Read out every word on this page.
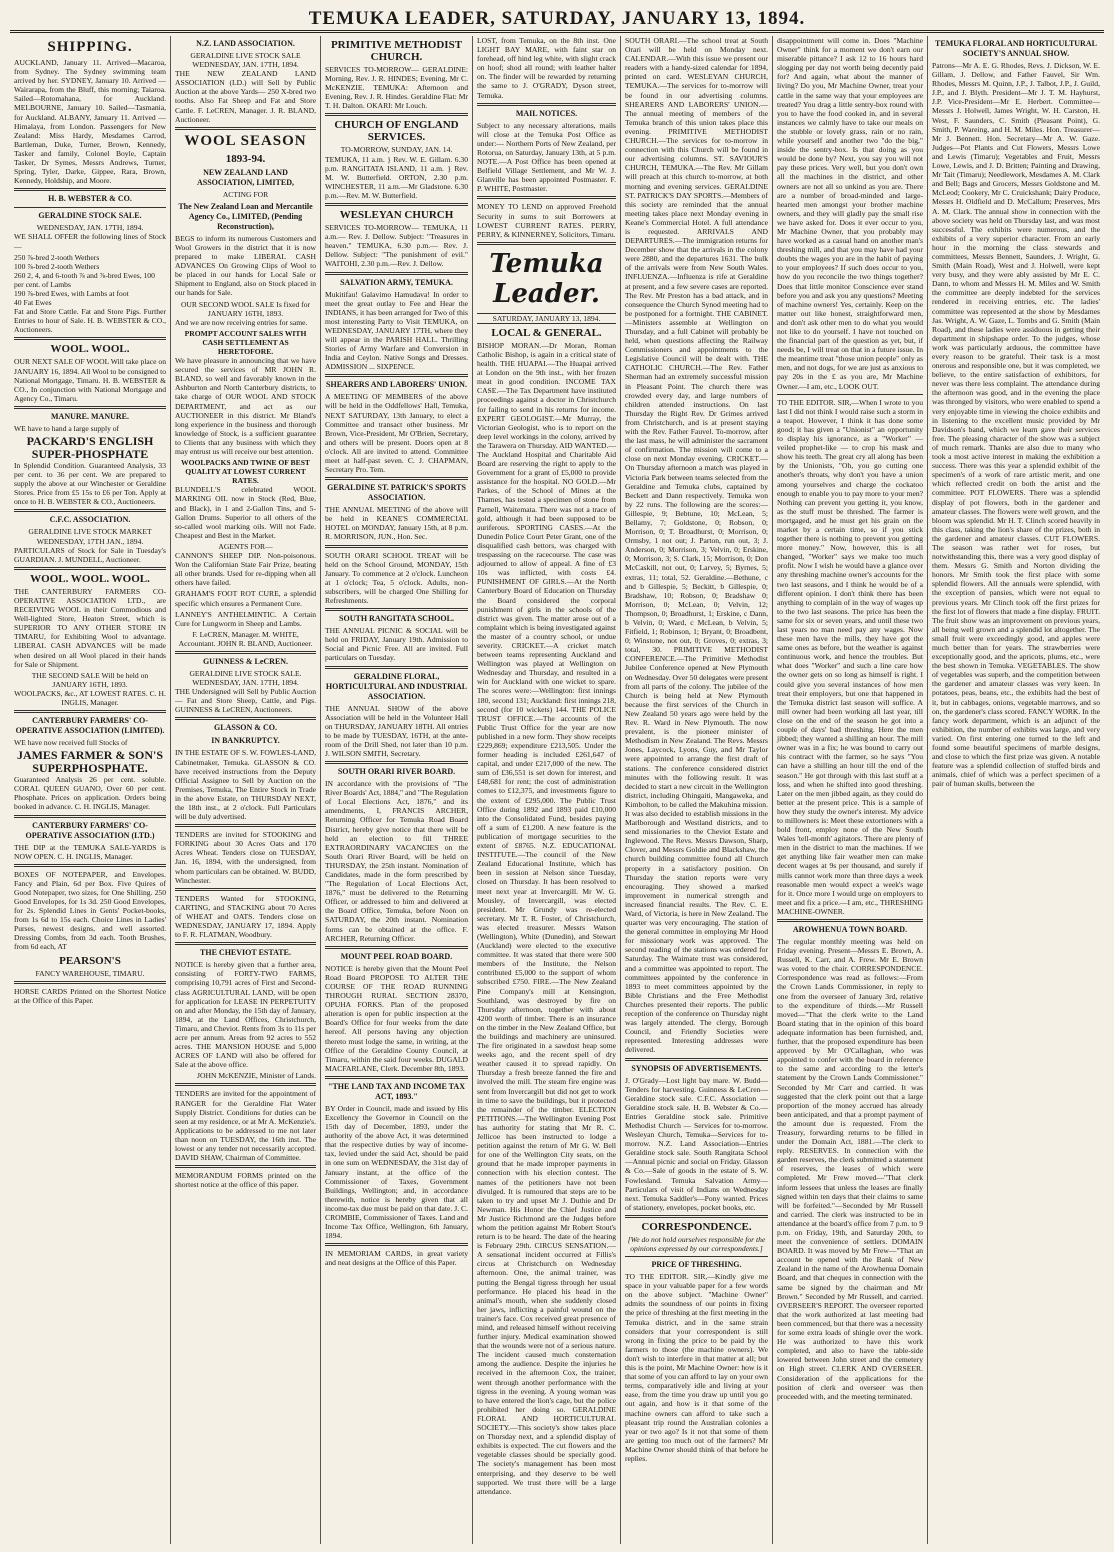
TEMUKA LEADER, SATURDAY, JANUARY 13, 1894.
SHIPPING.

AUCKLAND, January 11. Arrived—Macaroa, from Sydney. The Sydney swimming team arrived by her. SYDNEY, January 10. Arrived — Wairarapa, from the Bluff, this morning; Taiaroa. Sailed—Rotomahana, for Auckland. MELBOURNE, January 10. Sailed—Tasmania, for Auckland. ALBANY, January 11. Arrived — Himalaya, from London. Passengers for New Zealand: Miss Hardy, Mesdames Carrod, Bartleman, Duke, Turner, Brown, Kennedy, Tasker and family, Colonel Boyle, Captain Tasker, Dr Symes, Messrs Andrews, Turner, Spring, Tyler, Darke, Gippee, Rara, Brown, Kennedy, Holdship, and Moore.

H. B. WEBSTER & CO.
GERALDINE STOCK SALE.
WEDNESDAY, JAN. 17TH, 1894.

WE SHALL OFFER the following lines of Stock—

250 ⅞-bred 2-tooth Wethers
100 ⅞-bred 2-tooth Wethers
260 2, 4, and 6-tooth ⅞ and ⅞-bred Ewes, 100 per cent. of Lambs
190 ⅞-bred Ewes, with Lambs at foot
40 Fat Ewes

Fat and Store Cattle. Fat and Store Pigs. Further Entries to hour of Sale. H. B. WEBSTER & CO., Auctioneers.

WOOL. WOOL.

OUR NEXT SALE OF WOOL Will take place on JANUARY 16, 1894. All Wool to be consigned to National Mortgage, Timaru. H. B. WEBSTER & CO., In conjunction with National Mortgage and Agency Co., Timaru.

MANURE. MANURE.

WE have to hand a large supply of

PACKARD'S ENGLISH SUPER-PHOSPHATE

In Splendid Condition. Guaranteed Analysis, 33 per cent. to 36 per cent. We are prepared to supply the above at our Winchester or Geraldine Stores. Price from £5 15s to £6 per Ton. Apply at once to H. B. WEBSTER & CO., Auctioneers.

C.F.C. ASSOCIATION.
GERALDINE LIVE STOCK MARKET
WEDNESDAY, 17TH JAN., 1894.

PARTICULARS of Stock for Sale in Tuesday's GUARDIAN. J. MUNDELL, Auctioneer.

WOOL. WOOL. WOOL.

THE CANTERBURY FARMERS CO-OPERATIVE ASSOCIATION LTD., are RECEIVING WOOL in their Commodious and Well-lighted Store, Heaton Street, which is SUPERIOR TO ANY OTHER STORE IN TIMARU, for Exhibiting Wool to advantage. LIBERAL CASH ADVANCES will be made when desired on all Wool placed in their hands for Sale or Shipment.

THE SECOND SALE Will be held on JANUARY 16TH, 1893.
WOOLPACKS, &c., AT LOWEST RATES. C. H. INGLIS, Manager.
CANTERBURY FARMERS' CO-OPERATIVE ASSOCIATION (LIMITED).

WE have now received full Stocks of

JAMES FARMER & SON'S SUPERPHOSPHATE.

Guaranteed Analysis 26 per cent. soluble. CORAL QUEEN GUANO, Over 60 per cent. Phosphate. Prices on application. Orders being booked in advance. C. H. INGLIS, Manager.

CANTERBURY FARMERS' CO-OPERATIVE ASSOCIATION (LTD.)

THE DIP at the TEMUKA SALE-YARDS is NOW OPEN. C. H. INGLIS, Manager.

BOXES OF NOTEPAPER, and Envelopes. Fancy and Plain, 6d per Box. Five Quires of Good Notepaper, two sizes, for One Shilling. 250 Good Envelopes, for 1s 3d. 250 Good Envelopes, for 2s. Splendid Lines in Gents' Pocket-books, from 1s 6d to 15s each. Choice Lines in Ladies' Purses, newest designs, and well assorted. Dressing Combs, from 3d each. Tooth Brushes, from 6d each, AT

PEARSON'S
FANCY WAREHOUSE, TIMARU.

HORSE CARDS Printed on the Shortest Notice at the Office of this Paper.

N.Z. LAND ASSOCIATION.
GERALDINE LIVE STOCK SALE
WEDNESDAY, JAN. 17TH, 1894.

THE NEW ZEALAND LAND ASSOCIATION (LD.) will Sell by Public Auction at the above Yards— 250 X-bred two tooths. Also Fat Sheep and Fat and Store Cattle. F. LeCREN, Manager. J. R. BLAND, Auctioneer.

WOOL SEASON
1893-94.
NEW ZEALAND LAND ASSOCIATION, LIMITED,
ACTING FOR
The New Zealand Loan and Mercantile Agency Co., LIMITED, (Pending Reconstruction),

BEGS to inform its numerous Customers and Wool Growers in the district that it is now prepared to make LIBERAL CASH ADVANCES On Growing Clips of Wool to be placed in our hands for Local Sale or Shipment to England, also on Stock placed in our hands for Sale.

OUR SECOND WOOL SALE Is fixed for JANUARY 16TH, 1893.

And we are now receiving entries for same.

PROMPT ACCOUNT SALES WITH CASH SETTLEMENT AS HERETOFORE.

We have pleasure in announcing that we have secured the services of MR JOHN R. BLAND, so well and favorably known in the Ashburton and North Canterbury districts, to take charge of OUR WOOL AND STOCK DEPARTMENT, and act as our AUCTIONEER in this district. Mr Bland's long experience in the business and thorough knowledge of Stock, is a sufficient guarantee to Clients that any business with which they may entrust us will receive our best attention.

WOOLPACKS AND TWINE OF BEST QUALITY AT LOWEST CURRENT RATES.

BLUNDELL'S celebrated WOOL MARKING OIL now in Stock (Red, Blue, and Black), in 1 and 2-Gallon Tins, and 5-Gallon Drums. Superior to all others of the so-called wool marking oils. Will not Fade. Cheapest and Best in the Market.

AGENTS FOR—

CANNON'S SHEEP DIP. Non-poisonous. Won the Californian State Fair Prize, beating all other brands. Used for re-dipping when all others have failed.

GRAHAM'S FOOT ROT CURE, a splendid specific which ensures a Permanent Cure.

LANNEY'S ANTHELMINTIC. A Certain Cure for Lungworm in Sheep and Lambs.

F. LeCREN, Manager. M. WHITE, Accountant. JOHN R. BLAND, Auctioneer.

GUINNESS & LeCREN.
GERALDINE LIVE STOCK SALE.
WEDNESDAY, JAN. 17TH, 1894.

THE Undersigned will Sell by Public Auction— Fat and Store Sheep, Cattle, and Pigs. GUINNESS & LeCREN, Auctioneers.

GLASSON & CO.
IN BANKRUPTCY.

IN THE ESTATE OF S. W. FOWLES-LAND, Cabinetmaker, Temuka. GLASSON & CO. have received instructions from the Deputy Official Assignee to Sell by Auction on the Premises, Temuka, The Entire Stock in Trade in the above Estate, on THURSDAY NEXT, the 18th inst., at 2 o'clock. Full Particulars will be duly advertised.

TENDERS are invited for STOOKING and FORKING about 30 Acres Oats and 170 Acres Wheat. Tenders close on TUESDAY, Jan. 16, 1894, with the undersigned, from whom particulars can be obtained. W. BUDD, Winchester.

TENDERS Wanted for STOOKING, CARTING, and STACKING about 70 Acres of WHEAT and OATS. Tenders close on WEDNESDAY, JANUARY 17, 1894. Apply to F. R. FLATMAN, Woodbury.

THE CHEVIOT ESTATE.

NOTICE is hereby given that a further area, consisting of FORTY-TWO FARMS, comprising 10,791 acres of First and Second-class AGRICULTURAL LAND, will be open for application for LEASE IN PERPETUITY on and after Monday, the 15th day of January, 1894, at the Land Offices, Christchurch, Timaru, and Cheviot. Rents from 3s to 11s per acre per annum. Areas from 92 acres to 552 acres. THE MANSION HOUSE and 5,000 ACRES OF LAND will also be offered for Sale at the above office.

JOHN McKENZIE, Minister of Lands.

TENDERS are invited for the appointment of RANGER for the Geraldine Flat Water Supply District. Conditions for duties can be seen at my residence, or at Mr A. McKenzie's. Applications to be addressed to me not later than noon on TUESDAY, the 16th inst. The lowest or any tender not necessarily accepted. DAVID SHAW, Chairman of Committee.

MEMORANDUM FORMS printed on the shortest notice at the office of this paper.

PRIMITIVE METHODIST CHURCH.

SERVICES TO-MORROW— GERALDINE: Morning, Rev. J. R. HINDES; Evening, Mr C. McKENZIE. TEMUKA: Afternoon and Evening, Rev. J. R. Hindes. Geraldine Flat: Mr T. H. Dalton. OKARI: Mr Louch.

CHURCH OF ENGLAND SERVICES.
TO-MORROW, SUNDAY, JAN. 14.

TEMUKA, 11 a.m. } Rev. W. E. Gillam. 6.30 p.m. RANGITATA ISLAND, 11 a.m. } Rev. M. W. Butterfield. ORTON, 2.30 p.m. WINCHESTER, 11 a.m.—Mr Gladstone. 6.30 p.m.—Rev. M. W. Butterfield.

WESLEYAN CHURCH

SERVICES TO-MORROW— TEMUKA, 11 a.m.— Rev. J. Dellow. Subject: "Treasures in heaven." TEMUKA, 6.30 p.m.— Rev. J. Dellow. Subject: "The punishment of evil." WAITOHI, 2.30 p.m.—Rev. J. Dellow.

SALVATION ARMY, TEMUKA.

Mukitifau! Galavimo Hamudava! In order to meet the great outlay to Fee and Hear the INDIANS, it has been arranged for Two of this most interesting Party to Visit TEMUKA, on WEDNESDAY, JANUARY 17TH, where they will appear in the PARISH HALL. Thrilling Stories of Army Warfare and Conversion in India and Ceylon. Native Songs and Dresses. ADMISSION ... SIXPENCE.

SHEARERS AND LABORERS' UNION.

A MEETING OF MEMBERS of the above will be held in the Oddfellows' Hall, Temuka, NEXT SATURDAY, 13th January, to elect a Committee and transact other business. Mr Brown, Vice-President, Mr O'Brien, Secretary, and others will be present. Doors open at 8 o'clock. All are invited to attend. Committee meet at half-past seven. C. J. CHAPMAN, Secretary Pro. Tem.

GERALDINE ST. PATRICK'S SPORTS ASSOCIATION.

THE ANNUAL MEETING of the above will be held in KEANE'S COMMERCIAL HOTEL on MONDAY, January 15th, at 8 p.m. R. MORRISON, JUN., Hon. Sec.

SOUTH ORARI SCHOOL TREAT will be held on the School Ground, MONDAY, 15th January. To commence at 2 o'clock. Luncheon at 1 o'clock; Tea, 5 o'clock. Adults, non-subscribers, will be charged One Shilling for Refreshments.

SOUTH RANGITATA SCHOOL.

THE ANNUAL PICNIC & SOCIAL will be held on FRIDAY, January 19th. Admission to Social and Picnic Free. All are invited. Full particulars on Tuesday.

GERALDINE FLORAL, HORTICULTURAL AND INDUSTRIAL ASSOCIATION.

THE ANNUAL SHOW of the above Association will be held in the Volunteer Hall on THURSDAY, JANUARY 18TH. All entries to be made by TUESDAY, 16TH, at the ante-room of the Drill Shed, not later than 10 p.m. J. WILSON SMITH, Secretary.

SOUTH ORARI RIVER BOARD.

IN accordance with the provisions of "The River Boards' Act, 1884," and "The Regulation of Local Elections Act, 1876," and its amendments, I, FRANCIS ARCHER, Returning Officer for Temuka Road Board District, hereby give notice that there will be held an election to fill THREE EXTRAORDINARY VACANCIES on the South Orari River Board, will be held on THURSDAY, the 25th instant. Nomination of Candidates, made in the form prescribed by "The Regulation of Local Elections Act, 1876," must be delivered to the Returning Officer, or addressed to him and delivered at the Board Office, Temuka, before Noon on SATURDAY, the 20th instant. Nomination forms can be obtained at the office. F. ARCHER, Returning Officer.

MOUNT PEEL ROAD BOARD.

NOTICE is hereby given that the Mount Peel Road Board PROPOSE TO ALTER THE COURSE OF THE ROAD RUNNING THROUGH RURAL SECTION 28370, OPUHA FORKS. Plan of the proposed alteration is open for public inspection at the Board's Office for four weeks from the date hereof. All persons having any objection thereto must lodge the same, in writing, at the Office of the Geraldine County Council, at Timaru, within the said four weeks. DUGALD MACFARLANE, Clerk. December 8th, 1893.

"THE LAND TAX AND INCOME TAX ACT, 1893."

BY Order in Council, made and issued by His Excellency the Governor in Council on the 15th day of December, 1893, under the authority of the above Act, it was determined that the respective duties by way of income-tax, levied under the said Act, should be paid in one sum on WEDNESDAY, the 31st day of January instant, at the office of the Commissioner of Taxes, Government Buildings, Wellington; and, in accordance therewith, notice is hereby given that all income-tax due must be paid on that date. J. C. CROMBIE, Commissioner of Taxes. Land and Income Tax Office, Wellington, 6th January, 1894.

IN MEMORIAM CARDS, in great variety and neat designs at the Office of this Paper.

LOST, from Temuka, on the 8th inst. One LIGHT BAY MARE, with faint star on forehead, off hind leg white, with slight crack on hoof; shod all round; with leather halter on. The finder will be rewarded by returning the same to J. O'GRADY, Dyson street, Temuka.

MAIL NOTICES.

Subject to any necessary alterations, mails will close at the Temuka Post Office as under:— Northern Ports of New Zealand, per Rotorua, on Saturday, January 13th, at 5 p.m. NOTE.—A Post Office has been opened at Belfield Village Settlement, and Mr W. J. Glanville has been appointed Postmaster. F. P. WHITE, Postmaster.

MONEY TO LEND on approved Freehold Security in sums to suit Borrowers at LOWEST CURRENT RATES. PERRY, PERRY, & KINNERNEY, Solicitors, Timaru.

Temuka Leader.
SATURDAY, JANUARY 13, 1894.
LOCAL & GENERAL.

BISHOP MORAN.—Dr Moran, Roman Catholic Bishop, is again in a critical state of health. THE HUAPAI.—The Huapai arrived at London on the 9th inst., with her frozen meat in good condition. INCOME TAX CASE.—The Tax Department have instituted proceedings against a doctor in Christchurch for failing to send in his returns for income. EXPERT GEOLOGIST.—Mr Murray, the Victorian Geologist, who is to report on the deep level workings in the colony, arrived by the Tarawera on Thursday. AID WANTED.—The Auckland Hospital and Charitable Aid Board are reserving the right to apply to the Government for a grant of £5,000 to provide assistance for the hospital. NO GOLD.—Mr Parkes, of the School of Mines at the Thames, has tested a specimen of stone from Parnell, Waitemata. There was not a trace of gold, although it had been supposed to be auriferous. SPORTING CASES.—At the Dunedin Police Court Peter Grant, one of the disqualified cash bettors, was charged with trespassing on the racecourse. The case was adjourned to allow of appeal. A fine of £3 10s was inflicted, with costs £4. PUNISHMENT OF GIRLS.—At the North Canterbury Board of Education on Thursday the Board considered the corporal punishment of girls in the schools of the district was given. The matter arose out of a complaint which is being investigated against the master of a country school, or undue severity. CRICKET.—A cricket match between teams representing Auckland and Wellington was played at Wellington on Wednesday and Thursday, and resulted in a win for Auckland with one wicket to spare. The scores were:—Wellington: first innings 180, second 131; Auckland: first innings 218, second (for 10 wickets) 144. THE POLICE TRUST OFFICE.—The accounts of the Public Trust Office for the year are now published in a new form. They show receipts £229,869; expenditure £213,505. Under the former heading is included £261,647 of capital, and under £217,000 of the new. The sum of £36,551 is set down for interest, and £48,681 for rent; the cost of administration comes to £12,375, and investments figure to the extent of £295,000. The Public Trust Office during 1892 and 1893 paid £10,000 into the Consolidated Fund, besides paying off a sum of £1,200. A new feature is the publication of mortgage securities to the extent of £8765. N.Z. EDUCATIONAL INSTITUTE.—The council of the New Zealand Educational Institute, which has been in session at Nelson since Tuesday, closed on Thursday. It has been resolved to meet next year at Invercargill. Mr W. G. Mousley, of Invercargill, was elected president. Mr Grundy was re-elected secretary. Mr T. R. Foster, of Christchurch, was elected treasurer. Messrs Watson (Wellington), White (Dunedin), and Stewart (Auckland) were elected to the executive committee. It was stated that there were 500 members of the Institute, the Nelson contributed £5,000 to the support of whom subscribed £750. FIRE.—The New Zealand Pine Company's mill at Kensington, Southland, was destroyed by fire on Thursday afternoon, together with about 4200 worth of timber. There is an insurance on the timber in the New Zealand Office, but the buildings and machinery are uninsured. The fire originated in a sawdust heap some weeks ago, and the recent spell of dry weather caused it to spread rapidly. On Thursday a fresh breeze fanned the fire and involved the mill. The steam fire engine was sent from Invercargill but did not get to work in time to save the buildings, but it protected the remainder of the timber. ELECTION PETITIONS.—The Wellington Evening Post has authority for stating that Mr R. C. Jellicoe has been instructed to lodge a petition against the return of Mr G. W. Bell for one of the Wellington City seats, on the ground that he made improper payments in connection with his election contest. The names of the petitioners have not been divulged. It is rumoured that steps are to be taken to try and upset Mr J. Duthie and Dr Newman. His Honor the Chief Justice and Mr Justice Richmond are the Judges before whom the petition against Mr Robert Stout's return is to be heard. The date of the hearing is February 29th. CIRCUS SENSATION.—A sensational incident occurred at Fillis's circus at Christchurch on Wednesday afternoon. One, the animal trainer, was putting the Bengal tigress through her usual performance. He placed his head in the animal's mouth, when she suddenly closed her jaws, inflicting a painful wound on the trainer's face. Cox received great presence of mind, and released himself without receiving further injury. Medical examination showed that the wounds were not of a serious nature. The incident caused much consternation among the audience. Despite the injuries he received in the afternoon Cox, the trainer, went through another performance with the tigress in the evening. A young woman was to have entered the lion's cage, but the police prohibited her doing so. GERALDINE FLORAL AND HORTICULTURAL SOCIETY.—This society's show takes place on Thursday next, and a splendid display of exhibits is expected. The cut flowers and the vegetable classes should be specially good. The society's management has been most enterprising, and they deserve to be well supported. We trust there will be a large attendance.

SOUTH ORARI.—The school treat at South Orari will be held on Monday next. CALENDAR.—With this issue we present our readers with a handy-sized calendar for 1894, printed on card. WESLEYAN CHURCH, TEMUKA.—The services for to-morrow will be found in our advertising columns. SHEARERS AND LABORERS' UNION.—The annual meeting of members of the Temuka branch of this union takes place this evening. PRIMITIVE METHODIST CHURCH.—The services for to-morrow in connection with this Church will be found in our advertising columns. ST. SAVIOUR'S CHURCH, TEMUKA.—The Rev. Mr Gillam will preach at this church to-morrow, at both morning and evening services. GERALDINE ST. PATRICK'S DAY SPORTS.—Members of this society are reminded that the annual meeting takes place next Monday evening in Keane's Commercial Hotel. A full attendance is requested. ARRIVALS AND DEPARTURES.—The immigration returns for December show that the arrivals in the colony were 2880, and the departures 1631. The bulk of the arrivals were from New South Wales. INFLUENZA.—Influenza is rife at Geraldine at present, and a few severe cases are reported. The Rev. Mr Preston has a bad attack, and in consequence the Church Synod meeting had to be postponed for a fortnight. THE CABINET.—Ministers assemble at Wellington on Thursday, and a full Cabinet will probably be held, when questions affecting the Railway Commissioners and appointments to the Legislative Council will be dealt with. THE CATHOLIC CHURCH.—The Rev. Father Sherman had an extremely successful mission in Pleasant Point. The church there was crowded every day, and large numbers of children attended instructions. On last Thursday the Right Rev. Dr Grimes arrived from Christchurch, and is at present staying with the Rev. Father Fauvel. To-morrow, after the last mass, he will administer the sacrament of confirmation. The mission will come to a close on next Monday evening. CRICKET.—On Thursday afternoon a match was played in Victoria Park between teams selected from the Geraldine and Temuka clubs, captained by Beckett and Dann respectively. Temuka won by 22 runs. The following are the scores:—Gillespie, 9; Bebtune, 10; McLean, 5; Bellamy, 7; Goldstone, 0; Robson, 0; Morrison, 0; T. Broadhurst, 0; Morrison, 0; Ormsby, 1 not out; J. Parton, run out, 3; J. Anderson, 0; Morrison, 3; Velvin, 0; Erskine, 0; Morrison, 3; S. Clark, 15; Morrison, 0; Don McCaskill, not out, 0; Larvey, 5; Byrnes, 5; extras, 11; total, 52. Geraldine.—Bethune, c and b Gillespie, 5; Beckitt, b Gillespie, 0; Bradshaw, 10; Robson, 0; Bradshaw 0; Morrison, 0; McLean, 0; Velvin, 12; Thompson, 0; Broadhurst, 1; Erskine, c Dann, b Velvin, 0; Ward, c McLean, b Velvin, 5; Fitfield, 1; Robinson, 1; Bryant, 0; Broadbent, 0; Winstone, not out, 0; Groves, 0; extras, 3; total, 30. PRIMITIVE METHODIST CONFERENCE.—The Primitive Methodist Jubilee Conference opened at New Plymouth on Wednesday. Over 50 delegates were present from all parts of the colony. The jubilee of the Church is being held at New Plymouth because the first services of the Church in New Zealand 50 years ago were held by the Rev. R. Ward in New Plymouth. The now prevalent, is the pioneer minister of Methodism in New Zealand. The Revs. Messrs Jones, Laycock, Lyons, Guy, and Mr Taylor were appointed to arrange the first draft of stations. The conference considered district minutes with the following result. It was decided to start a new circuit in the Wellington district, including Ohingaiti, Mangaweka, and Kimbolton, to be called the Makuhina mission. It was also decided to establish missions in the Marlborough and Westland districts, and to send missionaries to the Cheviot Estate and Inglewood. The Revs. Messrs Dawson, Sharp, Clover, and Messrs Goldie and Blackshaw, the church building committee found all Church property in a satisfactory position. On Thursday the station reports were very encouraging. They showed a marked improvement in numerical strength and increased financial results. The Rev. C. E. Ward, of Victoria, is here in New Zealand. The quarter was very encouraging. The station of the general committee in employing Mr Hood for missionary work was approved. The second reading of the stations was ordered for Saturday. The Waimate trust was considered, and a committee was appointed to report. The committees appointed by the conference in 1893 to meet committees appointed by the Bible Christians and the Free Methodist Churches presented their reports. The public reception of the conference on Thursday night was largely attended. The clergy, Borough Council, and Friendly Societies were represented. Interesting addresses were delivered.

SYNOPSIS OF ADVERTISEMENTS.

J. O'Grady—Lost light bay mare. W. Budd—Tenders for harvesting. Guinness & LeCren—Geraldine stock sale. C.F.C. Association — Geraldine stock sale. H. B. Webster & Co.—Entries Geraldine stock sale. Primitive Methodist Church — Services for to-morrow. Wesleyan Church, Temuka—Services for to-morrow. N.Z. Land Association—Entries Geraldine stock sale. South Rangitata School—Annual picnic and social on Friday. Glasson & Co.—Sale of goods in the estate of S. W. Fowlesland. Temuka Salvation Army—Particulars of visit of Indians on Wednesday next. Temuka Saddler's—Pony wanted. Prices of stationery, envelopes, pocket books, etc.

CORRESPONDENCE.

[We do not hold ourselves responsible for the opinions expressed by our correspondents.]

PRICE OF THRESHING.

TO THE EDITOR. SIR,—Kindly give me space in your valuable paper for a few words on the above subject. "Machine Owner" admits the soundness of our points in fixing the price of threshing at the first meeting in the Temuka district, and in the same strain considers that your correspondent is still wrong in fixing the price to be paid by the farmers to those (the machine owners). We don't wish to interfere in that matter at all; but this is the point, Mr Machine Owner: how is it that some of you can afford to lay on your own terms, comparatively idle and living at your ease, from the time you draw up until you go out again, and how is it that some of the machine owners can afford to take such a pleasant trip round the Australian colonies a year or two ago? Is it not that some of them are getting too much out of the farmers? Mr Machine Owner should think of that before he replies.

disappointment will come in. Does "Machine Owner" think for a moment we don't earn our miserable pittance? I ask 12 to 16 hours hard slogging per day not worth being decently paid for? And again, what about the manner of living? Do you, Mr Machine Owner, treat your cattle in the same way that your employees are treated? You drag a little sentry-box round with you to have the food cooked in, and in several instances we calmly have to take our meals on the stubble or lovely grass, rain or no rain, while yourself and another two "do the big," inside the sentry-box. Is that doing as you would be done by? Next, you say you will not pay these prices. Very well, but you don't own all the machines in the district, and other owners are not all so unkind as you are. There are a number of broad-minded and large-hearted men amongst your brother machine owners, and they will gladly pay the small rise we have asked for. Does it ever occur to you, Mr Machine Owner, that you probably may have worked as a casual hand on another man's threshing mill, and that you may have had your doubts the wages you are in the habit of paying to your employees? If such does occur to you, how do you reconcile the two things together? Does that little monitor Conscience ever stand before you and ask you any questions? Meeting of machine owners! Yes, certainly. Keep on the matter out like honest, straightforward men, and don't ask other men to do what you would not like to do yourself. I have not touched on the financial part of the question as yet, but, if needs be, I will treat on that in a future issue. In the meantime treat "those union people" only as men, and not dogs, for we are just as anxious to pay 20s in the £ as you are, Mr Machine Owner.—I am, etc., LOOK OUT.

TO THE EDITOR. SIR,—When I wrote to you last I did not think I would raise such a storm in a teapot. However, I think it has done some good; it has given a "Unionist" an opportunity to display his ignorance, as a "Worker" — veiled prophet-like — to crop his mask and show his teeth. The great cry all along has been by the Unionists, "Oh, you go cutting one another's throats, why don't you have a union among yourselves and charge the cockatoo enough to enable you to pay more to your men? Nothing can prevent you getting it, you know, as the stuff must be threshed. The farmer is mortgaged, and he must get his grain on the market by a certain time, so if you stick together there is nothing to prevent you getting more money." Now, however, this is all changed, "Worker" says we make too much profit. Now I wish he would have a glance over any threshing machine owner's accounts for the two last seasons, and I think he would be of a different opinion. I don't think there has been anything to complain of in the way of wages up to the two last seasons. The price has been the same for six or seven years, and until these two last years no man need pay any wages. Now these men have the mills, they have got the same ones as before, but the weather is against continuous work, and hence the troubles. But what does "Worker" and such a line care how the owner gets on so long as himself is right. I could give you several instances of how men treat their employers, but one that happened in the Temuka district last season will suffice. A mill owner had been working all last year, till close on the end of the season he got into a couple of days' bad threshing. Here the men jibbed; they wanted a shilling an hour. The mill owner was in a fix; he was bound to carry out his contract with the farmer, so he says "You can have a shilling an hour till the end of the season." He got through with this last stuff at a loss, and when he shifted into good threshing. Later on the men jibbed again, as they could do better at the present price. This is a sample of how they study the owner's interest. My advice to millowners is: Meet these extortioners with a bold front, employ none of the New South Wales 'tell-month' agitators. There are plenty of men in the district to man the machines. If we get anything like fair weather men can make decent wages at 9s per thousand, and surely if mills cannot work more than three days a week reasonable men would expect a week's wage for it. Once more I would urge on employers to meet and fix a price.—I am, etc., THRESHING MACHINE-OWNER.

AROWHENUA TOWN BOARD.

The regular monthly meeting was held on Friday evening. Present—Messrs E. Brown, A. Russell, K. Carr, and A. Frew. Mr E. Brown was voted to the chair. CORRESPONDENCE. Correspondence was read as follows:—From the Crown Lands Commissioner, in reply to one from the overseer of January 3rd, relative to the expenditure of thirds.—Mr Russell moved—"That the clerk write to the Land Board stating that in the opinion of this board adequate information has been furnished, and, further, that the proposed expenditure has been approved by Mr O'Callaghan, who was appointed to confer with the board in reference to the same and according to the letter's statement by the Crown Lands Commissioner." Seconded by Mr Carr and carried. It was suggested that the clerk point out that a large proportion of the money accrued has already been anticipated, and that a prompt payment of the amount due is requested. From the Treasury, forwarding returns to be filled in under the Domain Act, 1881.—The clerk to reply. RESERVES. In connection with the garden reserves, the clerk submitted a statement of reserves, the leases of which were completed. Mr Frew moved—"That clerk inform lessees that unless the leases are finally signed within ten days that their claims to same will be forfeited."—Seconded by Mr Russell and carried. The clerk was instructed to be in attendance at the board's office from 7 p.m. to 9 p.m. on Friday, 19th, and Saturday 20th, to meet the convenience of settlers. DOMAIN BOARD. It was moved by Mr Frew—"That an account be opened with the Bank of New Zealand in the name of the Arowhenua Domain Board, and that cheques in connection with the same be signed by the chairman and Mr Brown." Seconded by Mr Russell, and carried. OVERSEER'S REPORT. The overseer reported that the work authorized at last meeting had been commenced, but that there was a necessity for some extra loads of shingle over the work. He was authorized to have this work completed, and also to have the table-side lowered between John street and the cemetery on High street. CLERK AND OVERSEER. Consideration of the applications for the position of clerk and overseer was then proceeded with, and the meeting terminated.

TEMUKA FLORAL AND HORTICULTURAL SOCIETY'S ANNUAL SHOW.

Patrons—Mr A. E. G. Rhodes, Revs. J. Dickson, W. E. Gillam, J. Dellow, and Father Fauvel, Sir Wm. Rhodes, Messrs M. Quinn, J.P., J. Talbot, J.P., J. Guild, J.P., and J. Blyth. President—Mr J. T. M. Hayhurst, J.P. Vice-President—Mr E. Herbert. Committee—Messrs J. Holwell, James Wright, W. H. Carston, H. West, F. Saunders, C. Smith (Pleasant Point), G. Smith, P. Wareing, and H. M. Miles. Hon. Treasurer—Mr J. Bennett. Hon. Secretary—Mr A. W. Gaze. Judges—Pot Plants and Cut Flowers, Messrs Lowe and Lewis (Timaru); Vegetables and Fruit, Messrs Lowe, Lewis, and J. D. Britten; Painting and Drawing, Mr Tait (Timaru); Needlework, Mesdames A. M. Clark and Bell; Bags and Grocers, Messrs Goldstone and M. McLeod; Cookery, Mr C. Cruickshank; Dairy Produce, Messrs H. Oldfield and D. McCallum; Preserves, Mrs A. M. Clark. The annual show in connection with the above society was held on Thursday last, and was most successful. The exhibits were numerous, and the exhibits of a very superior character. From an early hour in the morning the class stewards and committees, Messrs Bennett, Saunders, J. Wright, G. Smith (Main Road), West and J. Holwell, were kept very busy, and they were ably assisted by Mr E. C. Dann, to whom and Messrs H. M. Miles and W. Smith the committee are deeply indebted for the services rendered in receiving entries, etc. The ladies' committee was represented at the show by Mesdames Jas. Wright, A. W. Gaze, L. Tombs and G. Smith (Main Road), and these ladies were assiduous in getting their department in shipshape order. To the judges, whose work was particularly arduous, the committee have every reason to be grateful. Their task is a most onerous and responsible one, but it was completed, we believe, to the entire satisfaction of exhibitors, for never was there less complaint. The attendance during the afternoon was good, and in the evening the place was thronged by visitors, who were enabled to spend a very enjoyable time in viewing the choice exhibits and in listening to the excellent music provided by Mr Davidson's band, which we learn gave their services free. The pleasing character of the show was a subject of much remark. Thanks are also due to many who took a most active interest in making the exhibition a success. There was this year a splendid exhibit of the specimen's of a work of rare artistic merit, and one which reflected credit on both the artist and the committee. POT FLOWERS. There was a splendid display of pot flowers, both in the gardener and amateur classes. The flowers were well grown, and the bloom was splendid. Mr H. T. Clinch scored heavily in this class, taking the lion's share of the prizes, both in the gardener and amateur classes. CUT FLOWERS. The season was rather wet for roses, but notwithstanding this, there was a very good display of them. Messrs G. Smith and Norton dividing the honors. Mr Smith took the first place with some splendid flowers. All the annuals were splendid, with the exception of pansies, which were not equal to previous years. Mr Clinch took off the first prizes for the first lot of flowers that made a fine display. FRUIT. The fruit show was an improvement on previous years, all being well grown and a splendid lot altogether. The small fruit were exceedingly good, and apples were much better than for years. The strawberries were exceptionally good, and the apricots, plums, etc., were the best shown in Temuka. VEGETABLES. The show of vegetables was superb, and the competition between the gardener and amateur classes was very keen. In potatoes, peas, beans, etc., the exhibits had the best of it, but in cabbages, onions, vegetable marrows, and so on, the gardener's class scored. FANCY WORK. In the fancy work department, which is an adjunct of the exhibition, the number of exhibits was large, and very varied. On first entering one turned to the left and found some beautiful specimens of marble designs, and close to which the first prize was given. A notable feature was a splendid collection of stuffed birds and animals, chief of which was a perfect specimen of a pair of human skulls, between the
